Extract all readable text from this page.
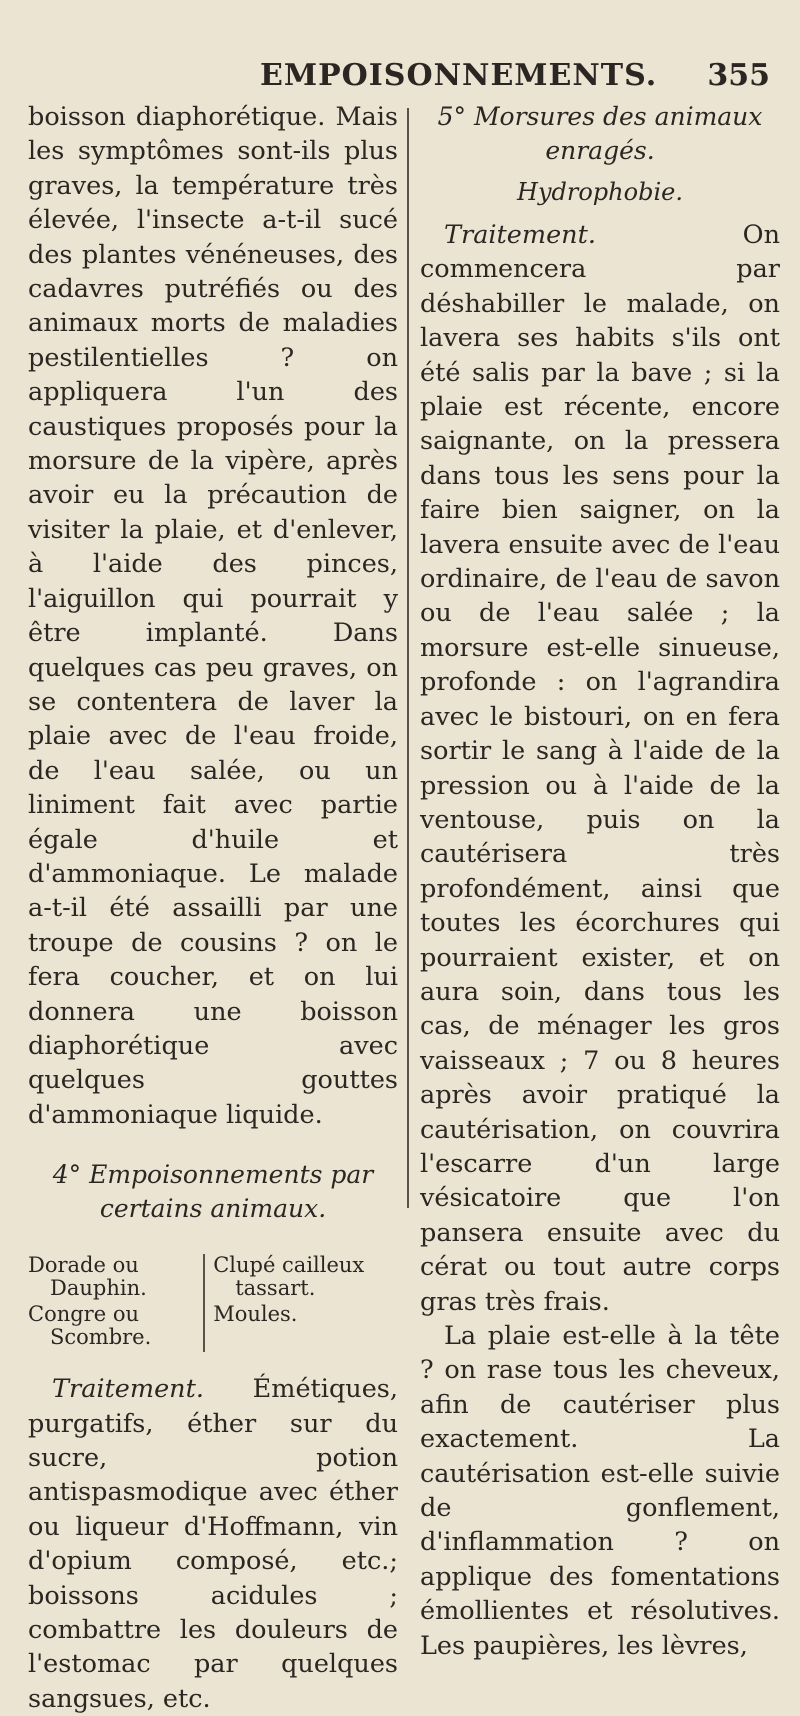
EMPOISONNEMENTS. 355

boisson diaphorétique. Mais les symptômes sont-ils plus graves, la température très élevée, l'insecte a-t-il sucé des plantes vénéneuses, des cadavres putréfiés ou des animaux morts de maladies pestilentielles ? on appliquera l'un des caustiques proposés pour la morsure de la vipère, après avoir eu la précaution de visiter la plaie, et d'enlever, à l'aide des pinces, l'aiguillon qui pourrait y être implanté. Dans quelques cas peu graves, on se contentera de laver la plaie avec de l'eau froide, de l'eau salée, ou un liniment fait avec partie égale d'huile et d'ammoniaque. Le malade a-t-il été assailli par une troupe de cousins ? on le fera coucher, et on lui donnera une boisson diaphorétique avec quelques gouttes d'ammoniaque liquide.

4° Empoisonnements par certains animaux.

Dorade ou Dauphin.
Congre ou Scombre.
Clupé cailleux tassart.
Moules.

Traitement. Émétiques, purgatifs, éther sur du sucre, potion antispasmodique avec éther ou liqueur d'Hoffmann, vin d'opium composé, etc.; boissons acidules ; combattre les douleurs de l'estomac par quelques sangsues, etc.

5° Morsures des animaux enragés.

Hydrophobie.

Traitement. On commencera par déshabiller le malade, on lavera ses habits s'ils ont été salis par la bave ; si la plaie est récente, encore saignante, on la pressera dans tous les sens pour la faire bien saigner, on la lavera ensuite avec de l'eau ordinaire, de l'eau de savon ou de l'eau salée ; la morsure est-elle sinueuse, profonde : on l'agrandira avec le bistouri, on en fera sortir le sang à l'aide de la pression ou à l'aide de la ventouse, puis on la cautérisera très profondément, ainsi que toutes les écorchures qui pourraient exister, et on aura soin, dans tous les cas, de ménager les gros vaisseaux ; 7 ou 8 heures après avoir pratiqué la cautérisation, on couvrira l'escarre d'un large vésicatoire que l'on pansera ensuite avec du cérat ou tout autre corps gras très frais.

La plaie est-elle à la tête ? on rase tous les cheveux, afin de cautériser plus exactement. La cautérisation est-elle suivie de gonflement, d'inflammation ? on applique des fomentations émollientes et résolutives. Les paupières, les lèvres,
